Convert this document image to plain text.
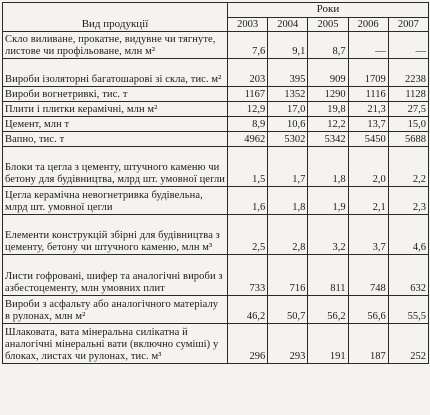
Вид продукції	Роки				
	2003	2004	2005	2006	2007
Скло виливане, прокатне, видувне чи тягнуте, листове чи профільоване, млн м²	7,6	9,1	8,7	—	—
Вироби ізоляторні багатошарові зі скла, тис. м²	203	395	909	1709	2238
Вироби вогнетривкі, тис. т	1167	1352	1290	1116	1128
Плити і плитки керамічні, млн м²	12,9	17,0	19,8	21,3	27,5
Цемент, млн т	8,9	10,6	12,2	13,7	15,0
Вапно, тис. т	4962	5302	5342	5450	5688
Блоки та цегла з цементу, штучного каменю чи бетону для будівництва, млрд шт. умовної цегли	1,5	1,7	1,8	2,0	2,2
Цегла керамічна невогнетривка будівельна, млрд шт. умовної цегли	1,6	1,8	1,9	2,1	2,3
Елементи конструкцій збірні для будівництва з цементу, бетону чи штучного каменю, млн м³	2,5	2,8	3,2	3,7	4,6
Листи гофровані, шифер та аналогічні вироби з азбестоцементу, млн умовних плит	733	716	811	748	632
Вироби з асфальту або аналогічного матеріалу в рулонах, млн м²	46,2	50,7	56,2	56,6	55,5
Шлаковата, вата мінеральна силікатна й аналогічні мінеральні вати (включно суміші) у блоках, листах чи рулонах, тис. м³	296	293	191	187	252
